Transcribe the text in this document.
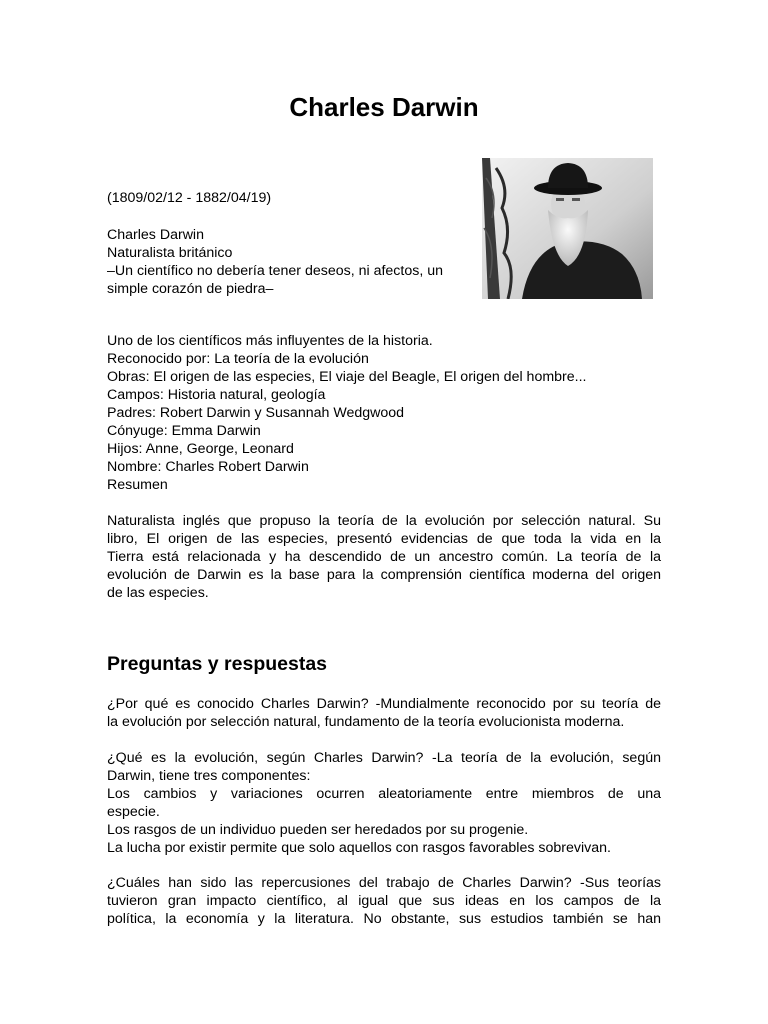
Charles Darwin

(1809/02/12 - 1882/04/19)

Charles Darwin
Naturalista británico
–Un científico no debería tener deseos, ni afectos, un
simple corazón de piedra–
Uno de los científicos más influyentes de la historia.
Reconocido por: La teoría de la evolución
Obras: El origen de las especies, El viaje del Beagle, El origen del hombre...
Campos: Historia natural, geología
Padres: Robert Darwin y Susannah Wedgwood
Cónyuge: Emma Darwin
Hijos: Anne, George, Leonard
Nombre: Charles Robert Darwin
Resumen
Naturalista inglés que propuso la teoría de la evolución por selección natural. Su
libro, El origen de las especies, presentó evidencias de que toda la vida en la
Tierra está relacionada y ha descendido de un ancestro común. La teoría de la
evolución de Darwin es la base para la comprensión científica moderna del origen
de las especies.
Preguntas y respuestas
¿Por qué es conocido Charles Darwin? -Mundialmente reconocido por su teoría de
la evolución por selección natural, fundamento de la teoría evolucionista moderna.
¿Qué es la evolución, según Charles Darwin? -La teoría de la evolución, según
Darwin, tiene tres componentes:
Los cambios y variaciones ocurren aleatoriamente entre miembros de una
especie.
Los rasgos de un individuo pueden ser heredados por su progenie.
La lucha por existir permite que solo aquellos con rasgos favorables sobrevivan.
¿Cuáles han sido las repercusiones del trabajo de Charles Darwin? -Sus teorías
tuvieron gran impacto científico, al igual que sus ideas en los campos de la
política, la economía y la literatura. No obstante, sus estudios también se han
